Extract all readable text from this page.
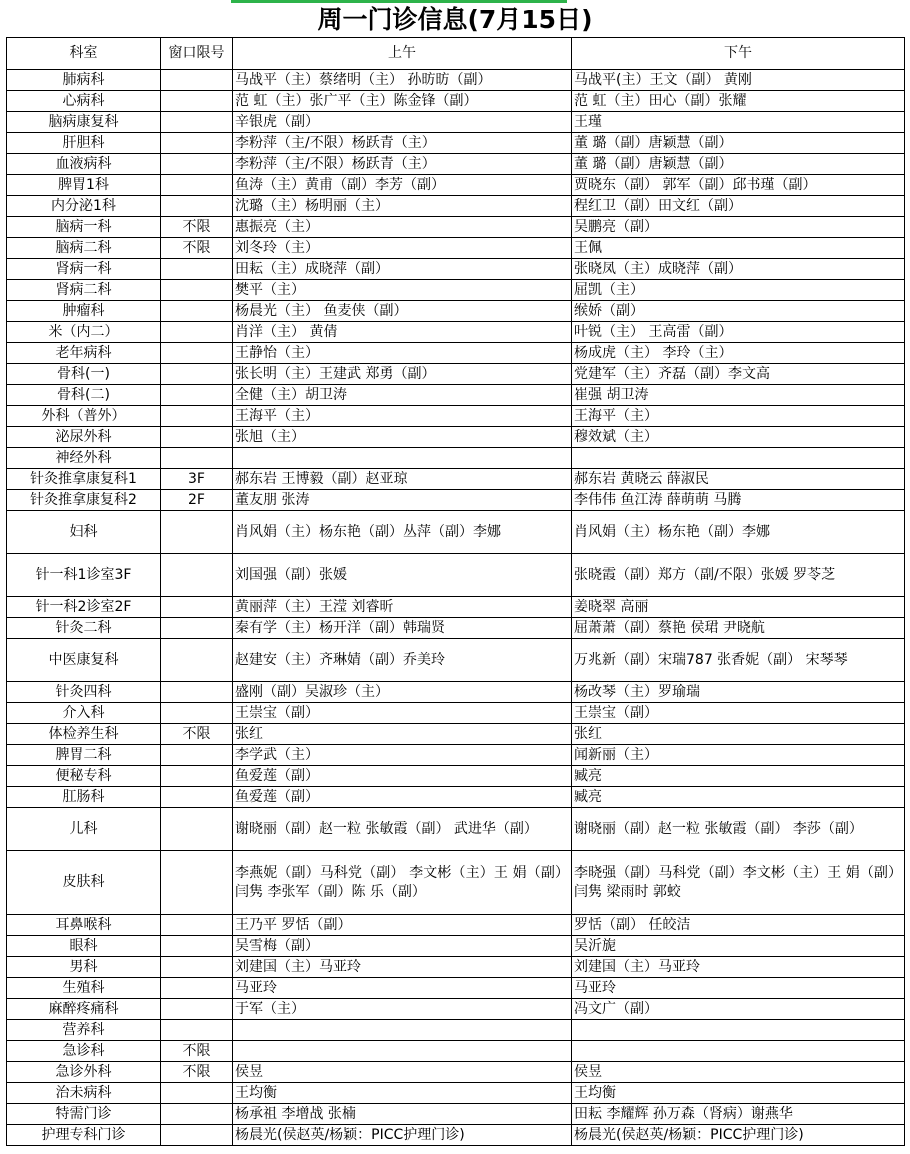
周一门诊信息(7月15日)
科室	窗口限号	上午	下午
肺病科		马战平（主）蔡绪明（主） 孙昉昉（副）	马战平(主）王文（副） 黄刚
心病科		范 虹（主）张广平（主）陈金锋（副）	范 虹（主）田心（副）张耀
脑病康复科		辛银虎（副）	王瑾
肝胆科		李粉萍（主/不限）杨跃青（主）	董 璐（副）唐颖慧（副）
血液病科		李粉萍（主/不限）杨跃青（主）	董 璐（副）唐颖慧（副）
脾胃1科		鱼涛（主）黄甫（副）李芳（副）	贾晓东（副） 郭军（副）邱书瑾（副）
内分泌1科		沈璐（主）杨明丽（主）	程红卫（副）田文红（副）
脑病一科	不限	惠振亮（主）	吴鹏亮（副）
脑病二科	不限	刘冬玲（主）	王佩
肾病一科		田耘（主）成晓萍（副）	张晓凤（主）成晓萍（副）
肾病二科		樊平（主）	屈凯（主）
肿瘤科		杨晨光（主） 鱼麦侠（副）	缑娇（副）
米（内二）		肖洋（主） 黄倩	叶锐（主） 王高雷（副）
老年病科		王静怡（主）	杨成虎（主） 李玲（主）
骨科(一)		张长明（主）王建武 郑勇（副）	党建军（主）齐磊（副）李文高
骨科(二)		全健（主）胡卫涛	崔强 胡卫涛
外科（普外）		王海平（主）	王海平（主）
泌尿外科		张旭（主）	穆效斌（主）
神经外科			
针灸推拿康复科1	3F	郝东岩 王博毅（副）赵亚琼	郝东岩 黄晓云 薛淑民
针灸推拿康复科2	2F	董友朋 张涛	李伟伟 鱼江涛 薛萌萌 马腾
妇科		肖风娟（主）杨东艳（副）丛萍（副）李娜	肖风娟（主）杨东艳（副）李娜
针一科1诊室3F		刘国强（副）张媛	张晓霞（副）郑方（副/不限）张媛 罗苓芝
针一科2诊室2F		黄丽萍（主）王滢 刘睿昕	姜晓翠 高丽
针灸二科		秦有学（主）杨开洋（副）韩瑞贤	屈萧萧（副）蔡艳 侯珺 尹晓航
中医康复科		赵建安（主）齐琳婧（副）乔美玲	万兆新（副）宋瑞787 张香妮（副） 宋琴琴
针灸四科		盛刚（副）吴淑珍（主）	杨改琴（主）罗瑜瑞
介入科		王崇宝（副）	王崇宝（副）
体检养生科	不限	张红	张红
脾胃二科		李学武（主）	闻新丽（主）
便秘专科		鱼爱莲（副）	臧亮
肛肠科		鱼爱莲（副）	臧亮
儿科		谢晓丽（副）赵一粒 张敏霞（副） 武进华（副）	谢晓丽（副）赵一粒 张敏霞（副） 李莎（副）
皮肤科		李燕妮（副）马科党（副） 李文彬（主）王 娟（副）闫隽 李张军（副）陈 乐（副）	李晓强（副）马科党（副）李文彬（主）王 娟（副）闫隽 梁雨时 郭蛟
耳鼻喉科		王乃平 罗恬（副）	罗恬（副） 任皎洁
眼科		吴雪梅（副）	吴沂旎
男科		刘建国（主）马亚玲	刘建国（主）马亚玲
生殖科		马亚玲	马亚玲
麻醉疼痛科		于军（主）	冯文广（副）
营养科			
急诊科	不限		
急诊外科	不限	侯昱	侯昱
治未病科		王均衡	王均衡
特需门诊		杨承祖 李增战 张楠	田耘 李耀辉 孙万森（肾病）谢燕华
护理专科门诊		杨晨光(侯赵英/杨颖：PICC护理门诊)	杨晨光(侯赵英/杨颖：PICC护理门诊)
